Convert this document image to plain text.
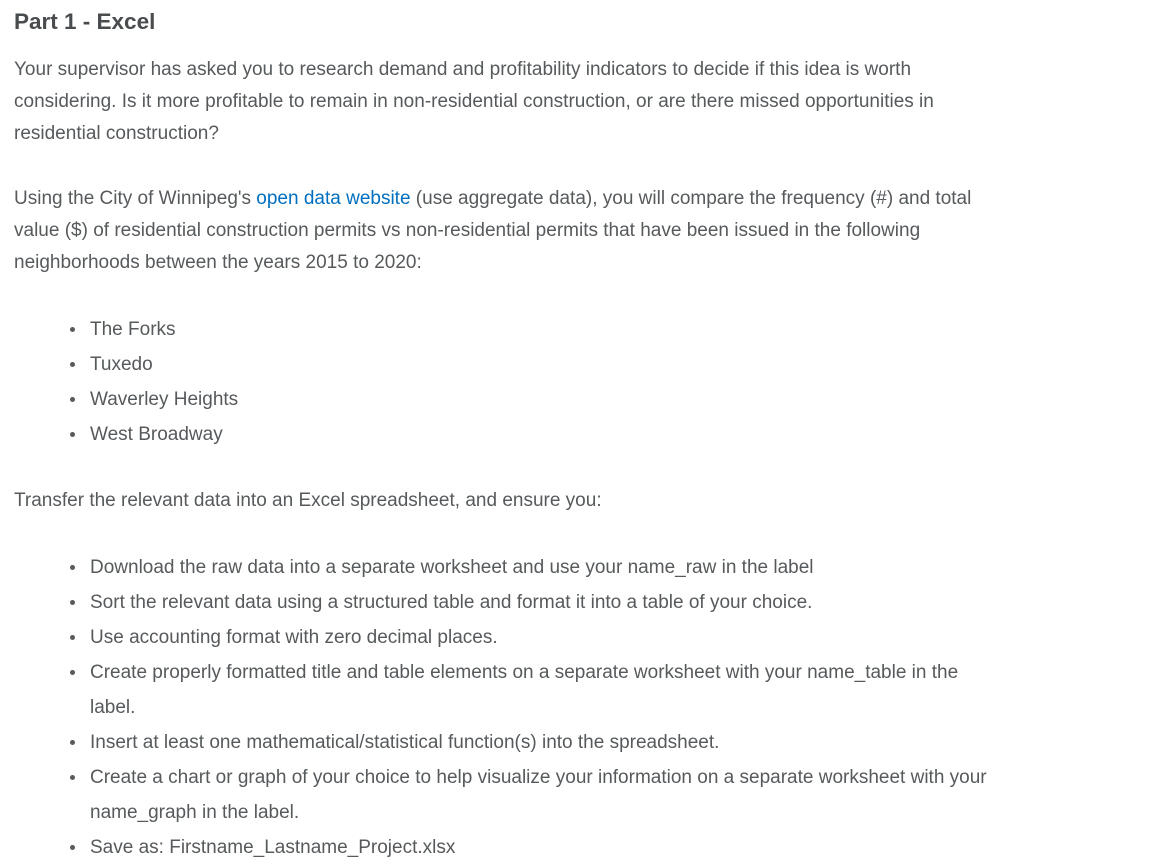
Part 1 - Excel

Your supervisor has asked you to research demand and profitability indicators to decide if this idea is worth considering. Is it more profitable to remain in non-residential construction, or are there missed opportunities in residential construction?

Using the City of Winnipeg's open data website (use aggregate data), you will compare the frequency (#) and total value ($) of residential construction permits vs non-residential permits that have been issued in the following neighborhoods between the years 2015 to 2020:

The Forks
Tuxedo
Waverley Heights
West Broadway

Transfer the relevant data into an Excel spreadsheet, and ensure you:

Download the raw data into a separate worksheet and use your name_raw in the label
Sort the relevant data using a structured table and format it into a table of your choice.
Use accounting format with zero decimal places.
Create properly formatted title and table elements on a separate worksheet with your name_table in the label.
Insert at least one mathematical/statistical function(s) into the spreadsheet.
Create a chart or graph of your choice to help visualize your information on a separate worksheet with your name_graph in the label.
Save as: Firstname_Lastname_Project.xlsx
